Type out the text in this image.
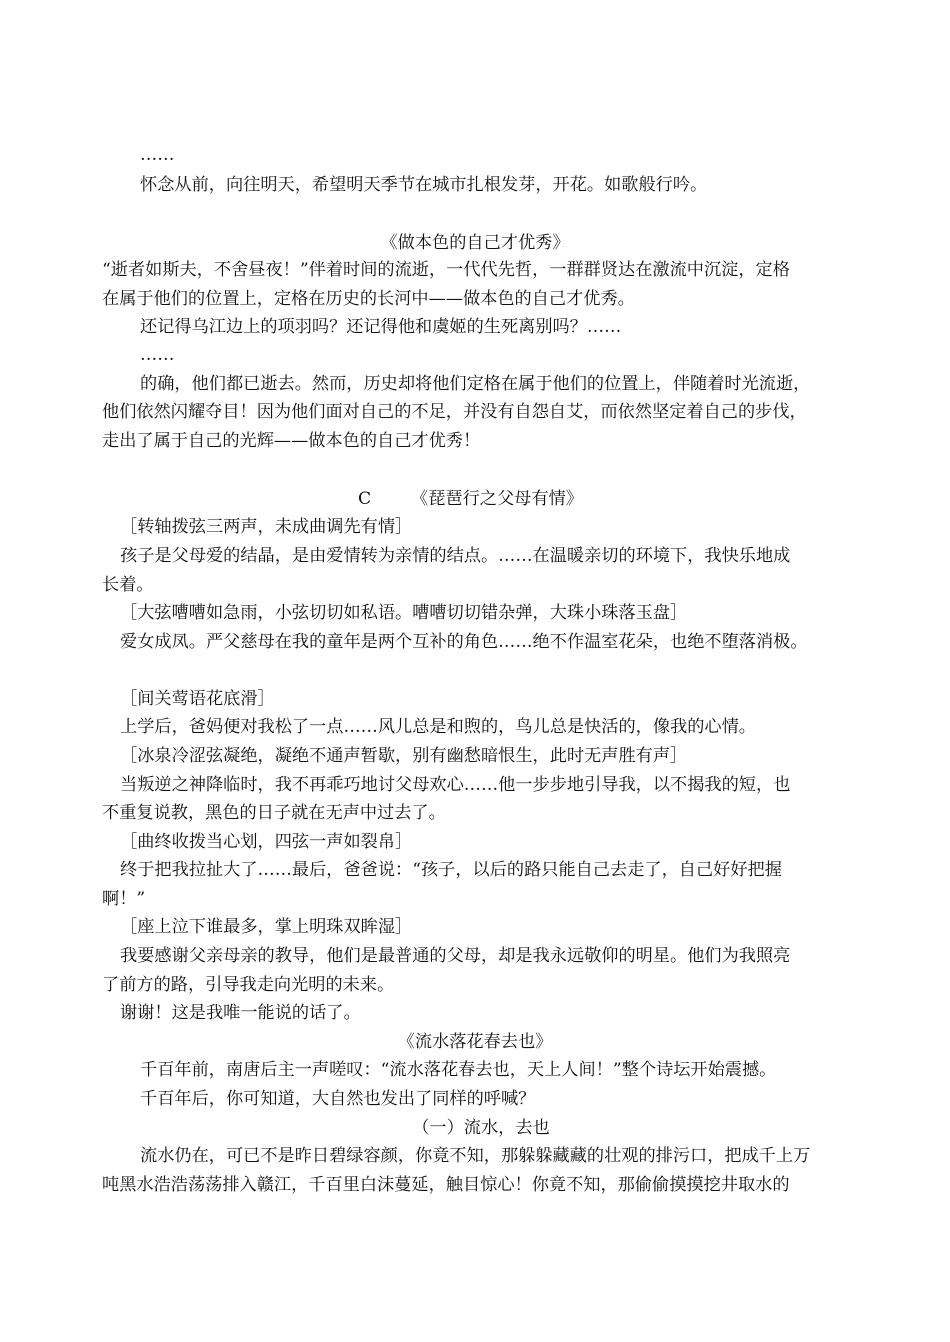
……
怀念从前，向往明天，希望明天季节在城市扎根发芽，开花。如歌般行吟。
《做本色的自己才优秀》
“逝者如斯夫，不舍昼夜！”伴着时间的流逝，一代代先哲，一群群贤达在激流中沉淀，定格
在属于他们的位置上，定格在历史的长河中——做本色的自己才优秀。
还记得乌江边上的项羽吗？还记得他和虞姬的生死离别吗？……
……
的确，他们都已逝去。然而，历史却将他们定格在属于他们的位置上，伴随着时光流逝，
他们依然闪耀夺目！因为他们面对自己的不足，并没有自怨自艾，而依然坚定着自己的步伐，
走出了属于自己的光辉——做本色的自己才优秀！
C 《琵琶行之父母有情》
［转轴拨弦三两声，未成曲调先有情］
孩子是父母爱的结晶，是由爱情转为亲情的结点。……在温暖亲切的环境下，我快乐地成
长着。
［大弦嘈嘈如急雨，小弦切切如私语。嘈嘈切切错杂弹，大珠小珠落玉盘］
爱女成凤。严父慈母在我的童年是两个互补的角色……绝不作温室花朵，也绝不堕落消极。
［间关莺语花底滑］
上学后，爸妈便对我松了一点……风儿总是和煦的，鸟儿总是快活的，像我的心情。
［冰泉冷涩弦凝绝，凝绝不通声暂歇，别有幽愁暗恨生，此时无声胜有声］
当叛逆之神降临时，我不再乖巧地讨父母欢心……他一步步地引导我，以不揭我的短，也
不重复说教，黑色的日子就在无声中过去了。
［曲终收拨当心划，四弦一声如裂帛］
终于把我拉扯大了……最后，爸爸说：“孩子，以后的路只能自己去走了，自己好好把握
啊！”
［座上泣下谁最多，掌上明珠双眸湿］
我要感谢父亲母亲的教导，他们是最普通的父母，却是我永远敬仰的明星。他们为我照亮
了前方的路，引导我走向光明的未来。
谢谢！这是我唯一能说的话了。
《流水落花春去也》
千百年前，南唐后主一声嗟叹：“流水落花春去也，天上人间！”整个诗坛开始震撼。
千百年后，你可知道，大自然也发出了同样的呼喊？
（一）流水，去也
流水仍在，可已不是昨日碧绿容颜，你竟不知，那躲躲藏藏的壮观的排污口，把成千上万
吨黑水浩浩荡荡排入赣江，千百里白沫蔓延，触目惊心！你竟不知，那偷偷摸摸挖井取水的
